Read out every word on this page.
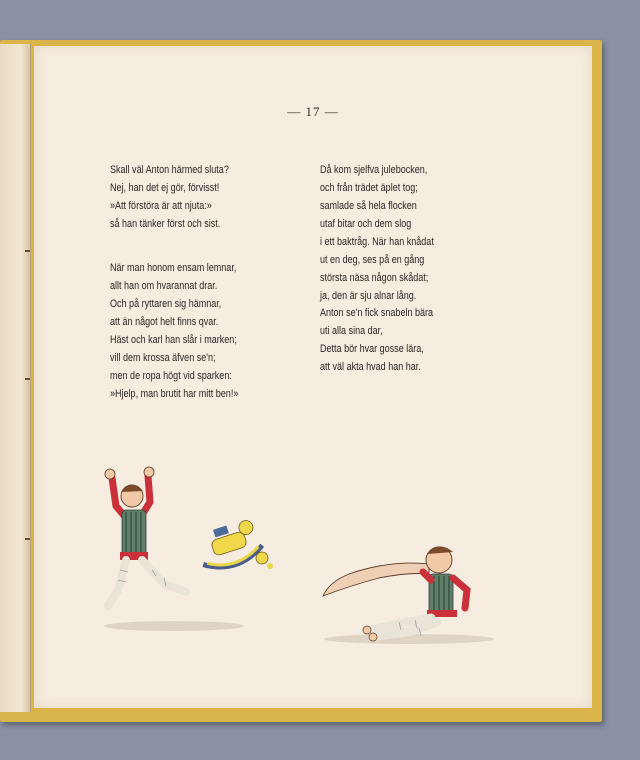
— 17 —
Skall väl Anton härmed sluta?
Nej, han det ej gör, förvisst!
»Att förstöra är att njuta:»
så han tänker först och sist.
När man honom ensam lemnar,
allt han om hvarannat drar.
Och på ryttaren sig hämnar,
att än något helt finns qvar.
Häst och karl han slår i marken;
vill dem krossa äfven se'n;
men de ropa högt vid sparken:
»Hjelp, man brutit har mitt ben!»
Då kom sjelfva julebocken,
och från trädet äplet tog;
samlade så hela flocken
utaf bitar och dem slog
i ett baktråg. När han knådat
ut en deg, ses på en gång
största näsa någon skådat;
ja, den är sju alnar lång.
Anton se'n fick snabeln bära
uti alla sina dar,
Detta bör hvar gosse lära,
att väl akta hvad han har.
